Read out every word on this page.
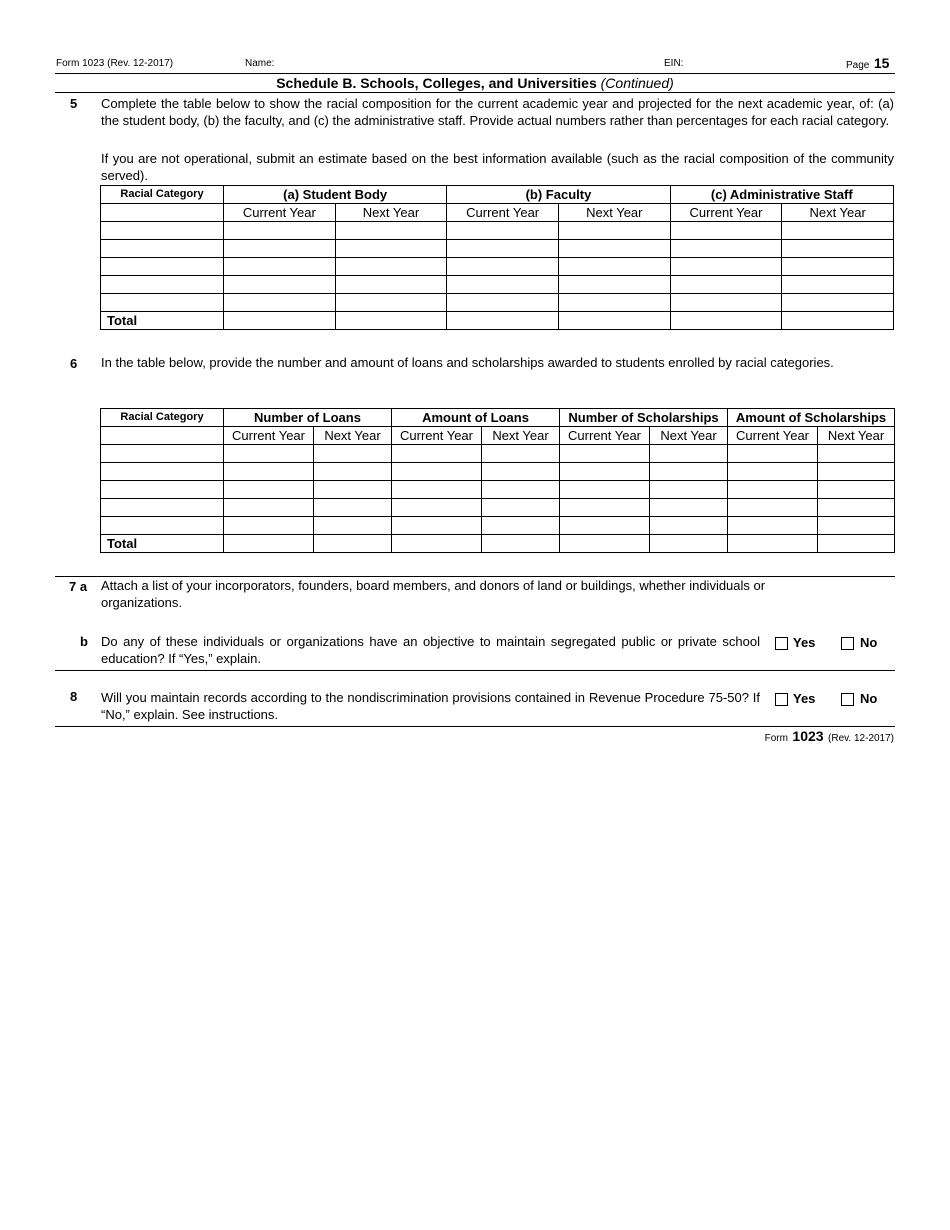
Form 1023 (Rev. 12-2017)	Name:	EIN:	Page 15
Schedule B. Schools, Colleges, and Universities (Continued)
5 Complete the table below to show the racial composition for the current academic year and projected for the next academic year, of: (a) the student body, (b) the faculty, and (c) the administrative staff. Provide actual numbers rather than percentages for each racial category.
If you are not operational, submit an estimate based on the best information available (such as the racial composition of the community served).
Racial Category	(a) Student Body		(b) Faculty		(c) Administrative Staff	
	Current Year	Next Year	Current Year	Next Year	Current Year	Next Year

Total						
6 In the table below, provide the number and amount of loans and scholarships awarded to students enrolled by racial categories.
Racial Category	Number of Loans		Amount of Loans		Number of Scholarships		Amount of Scholarships	
	Current Year	Next Year	Current Year	Next Year	Current Year	Next Year	Current Year	Next Year

Total								
7 a Attach a list of your incorporators, founders, board members, and donors of land or buildings, whether individuals or organizations.
b Do any of these individuals or organizations have an objective to maintain segregated public or private school education? If “Yes,” explain.
Yes	No
8 Will you maintain records according to the nondiscrimination provisions contained in Revenue Procedure 75-50? If “No,” explain. See instructions.
Yes	No
Form 1023 (Rev. 12-2017)
